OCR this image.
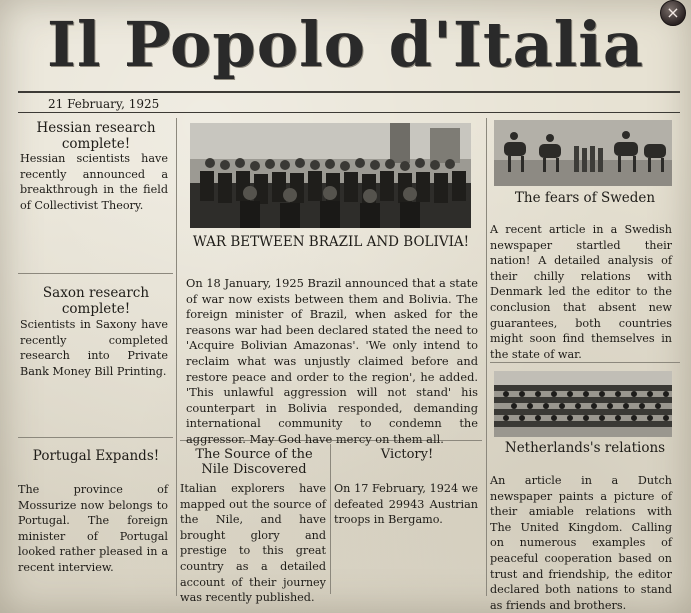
×
Il Popolo d'Italia
21 February, 1925
Hessian research complete!
Hessian scientists have recently announced a breakthrough in the field of Collectivist Theory.
Saxon research complete!
Scientists in Saxony have recently completed research into Private Bank Money Bill Printing.
Portugal Expands!
The province of Mossurize now belongs to Portugal. The foreign minister of Portugal looked rather pleased in a recent interview.
WAR BETWEEN BRAZIL AND BOLIVIA!
On 18 January, 1925 Brazil announced that a state of war now exists between them and Bolivia. The foreign minister of Brazil, when asked for the reasons war had been declared stated the need to 'Acquire Bolivian Amazonas'. 'We only intend to reclaim what was unjustly claimed before and restore peace and order to the region', he added. 'This unlawful aggression will not stand' his counterpart in Bolivia responded, demanding international community to condemn the aggressor. May God have mercy on them all.
The Source of the Nile Discovered
Italian explorers have mapped out the source of the Nile, and have brought glory and prestige to this great country as a detailed account of their journey was recently published.
Victory!
On 17 February, 1924 we defeated 29943 Austrian troops in Bergamo.
The fears of Sweden
A recent article in a Swedish newspaper startled their nation! A detailed analysis of their chilly relations with Denmark led the editor to the conclusion that absent new guarantees, both countries might soon find themselves in the state of war.
Netherlands's relations
An article in a Dutch newspaper paints a picture of their amiable relations with The United Kingdom. Calling on numerous examples of peaceful cooperation based on trust and friendship, the editor declared both nations to stand as friends and brothers.
